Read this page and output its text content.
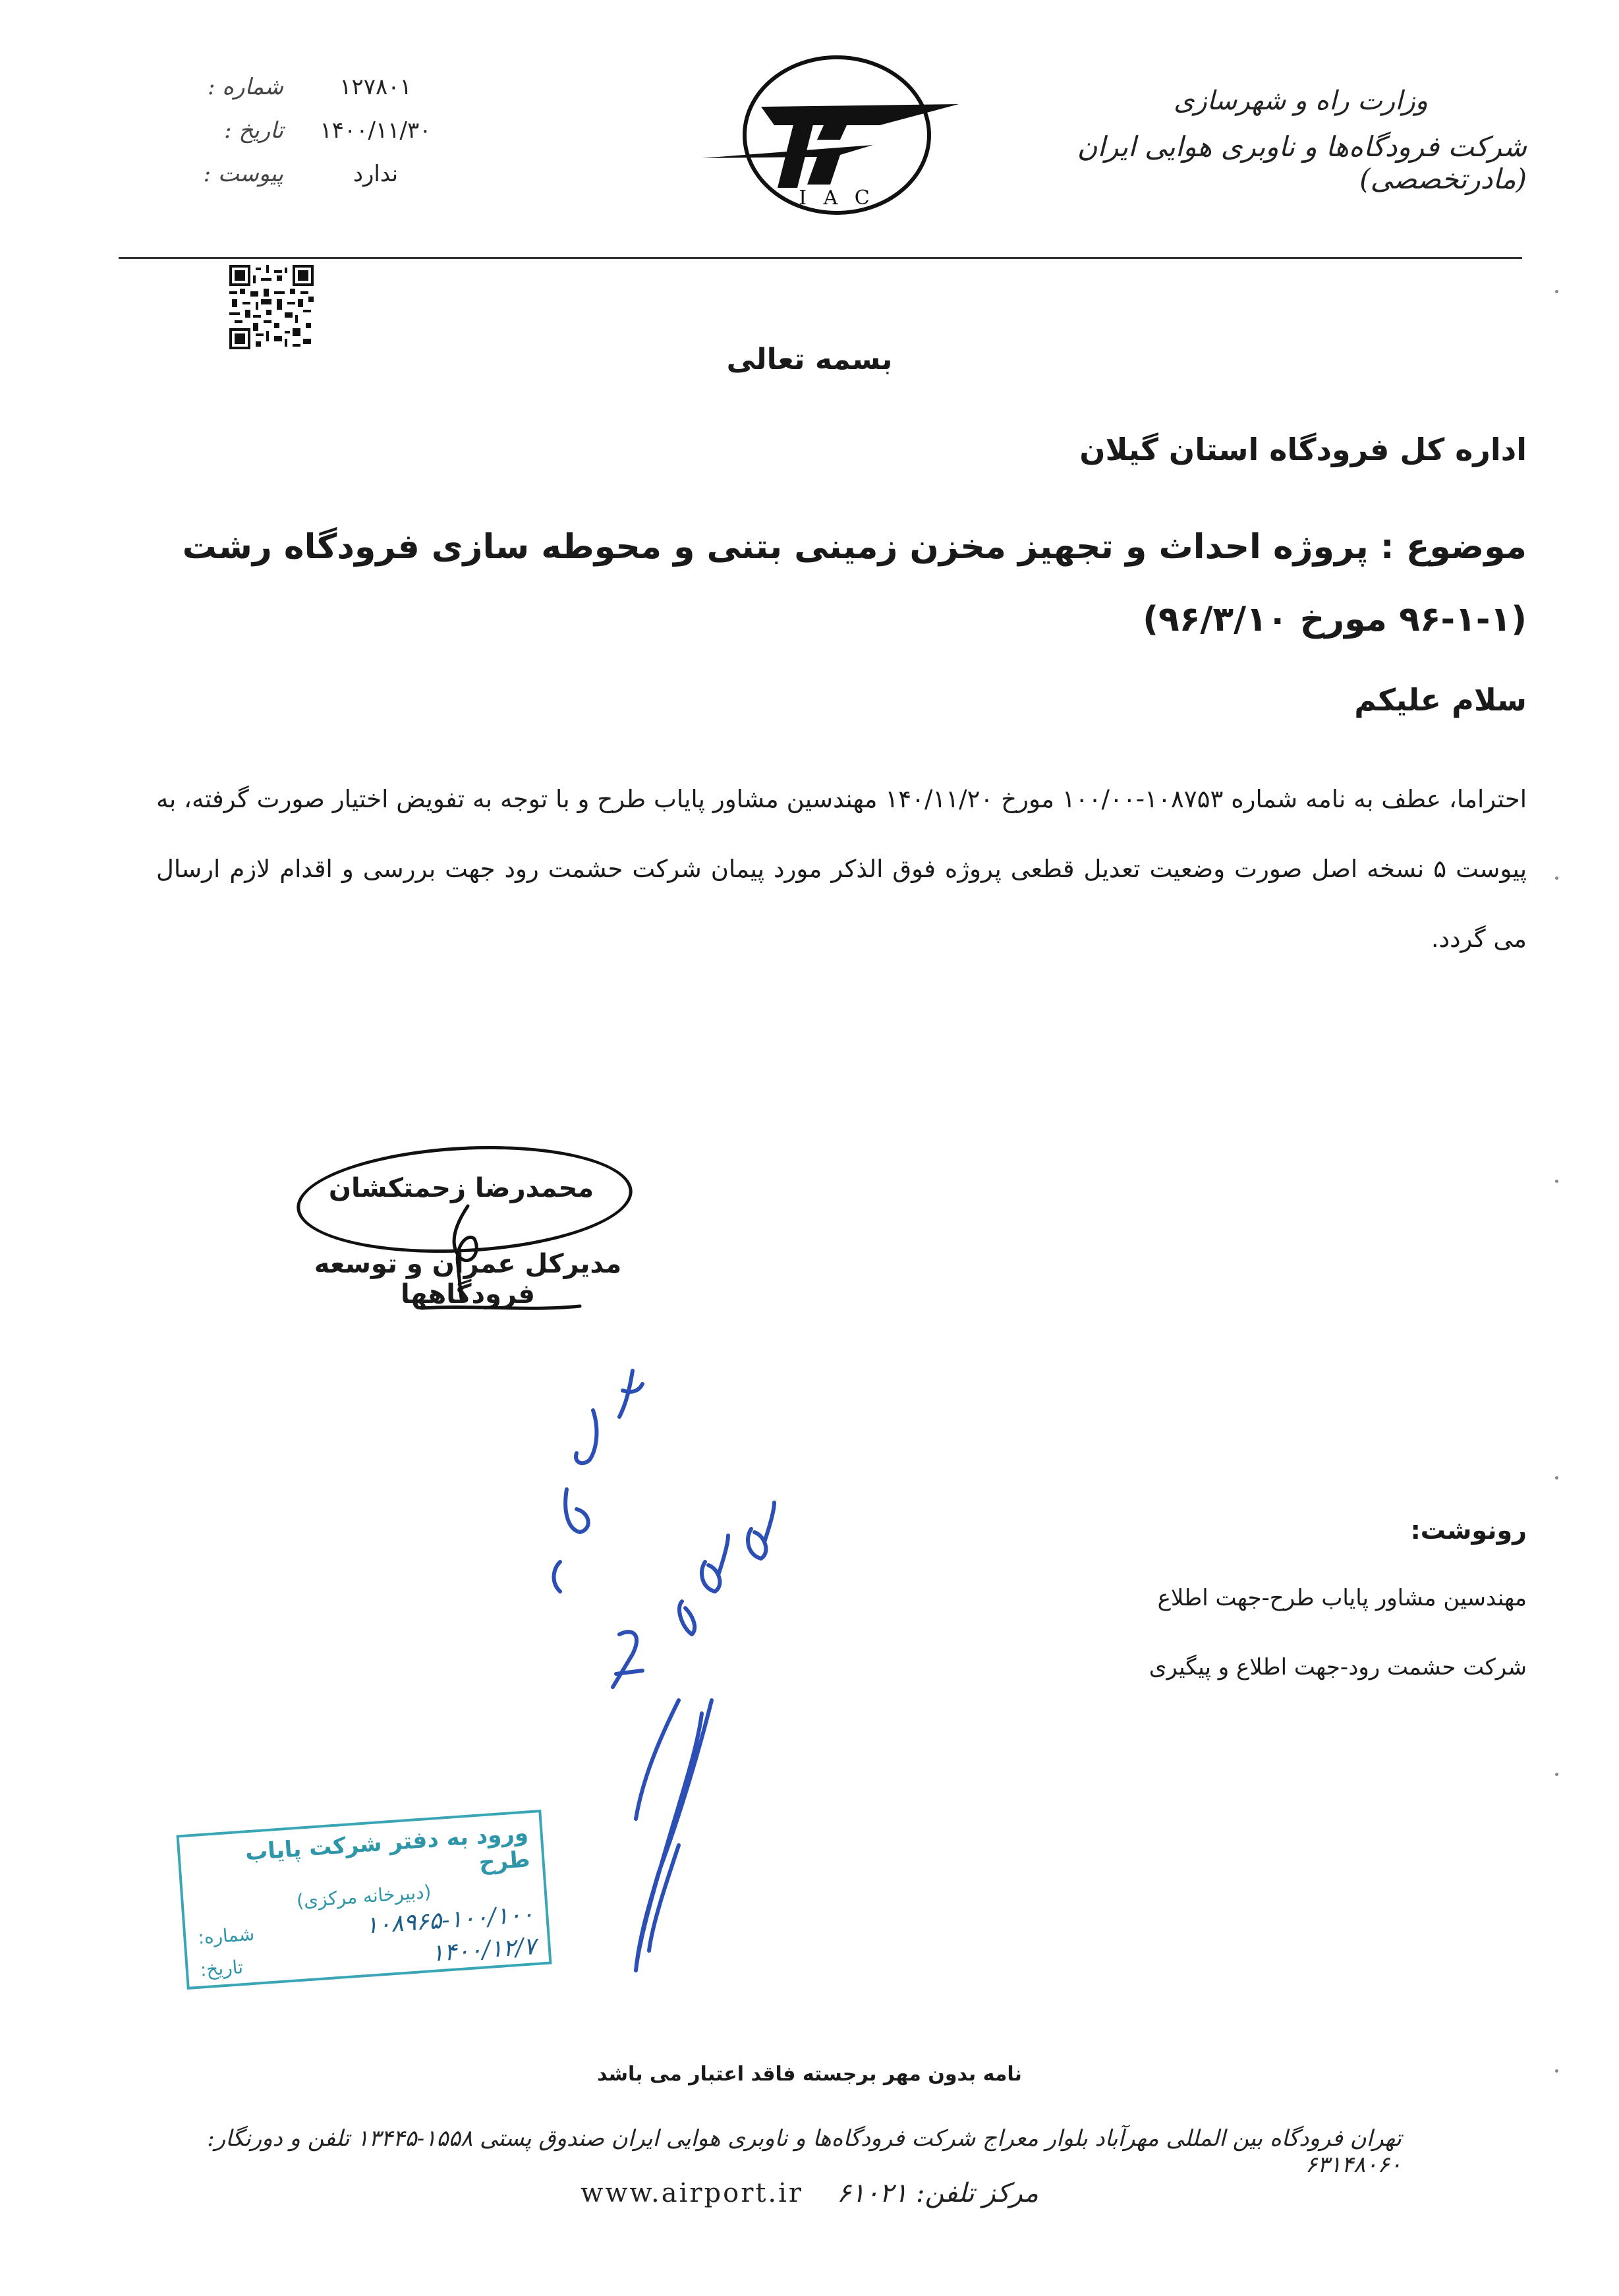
وزارت راه و شهرسازی
شرکت فرودگاه‌ها و ناوبری هوایی ایران (مادرتخصصی)
I A C
شماره :	۱۲۷۸۰۱
تاریخ :	۱۴۰۰/۱۱/۳۰
پیوست :	ندارد
بسمه تعالی
اداره کل فرودگاه استان گیلان
موضوع : پروژه احداث و تجهیز مخزن زمینی بتنی و محوطه سازی فرودگاه رشت (۱-۱-۹۶ مورخ ۹۶/۳/۱۰)
سلام علیکم
احتراما، عطف به نامه شماره ۱۰۸۷۵۳-۱۰۰/۰۰ مورخ ۱۴۰/۱۱/۲۰ مهندسین مشاور پایاب طرح و با توجه به تفویض اختیار صورت گرفته، به پیوست ۵ نسخه اصل صورت وضعیت تعدیل قطعی پروژه فوق الذکر مورد پیمان شرکت حشمت رود جهت بررسی و اقدام لازم ارسال می گردد.
محمدرضا زحمتکشان
مدیرکل عمران و توسعه فرودگاهها
رونوشت:
مهندسین مشاور پایاب طرح-جهت اطلاع
شرکت حشمت رود-جهت اطلاع و پیگیری
ورود به دفتر شرکت پایاب طرح
(دبیرخانه مرکزی)
شماره:	۱۰۸۹۶۵-۱۰۰/۱۰۰
تاریخ:
۱۴۰۰/۱۲/۷
نامه بدون مهر برجسته فاقد اعتبار می باشد
تهران فرودگاه بین المللی مهرآباد بلوار معراج شرکت فرودگاه‌ها و ناوبری هوایی ایران صندوق پستی ۱۵۵۸-۱۳۴۴۵ تلفن و دورنگار: ۶۳۱۴۸۰۶۰
www.airport.ir مرکز تلفن: ۶۱۰۲۱
